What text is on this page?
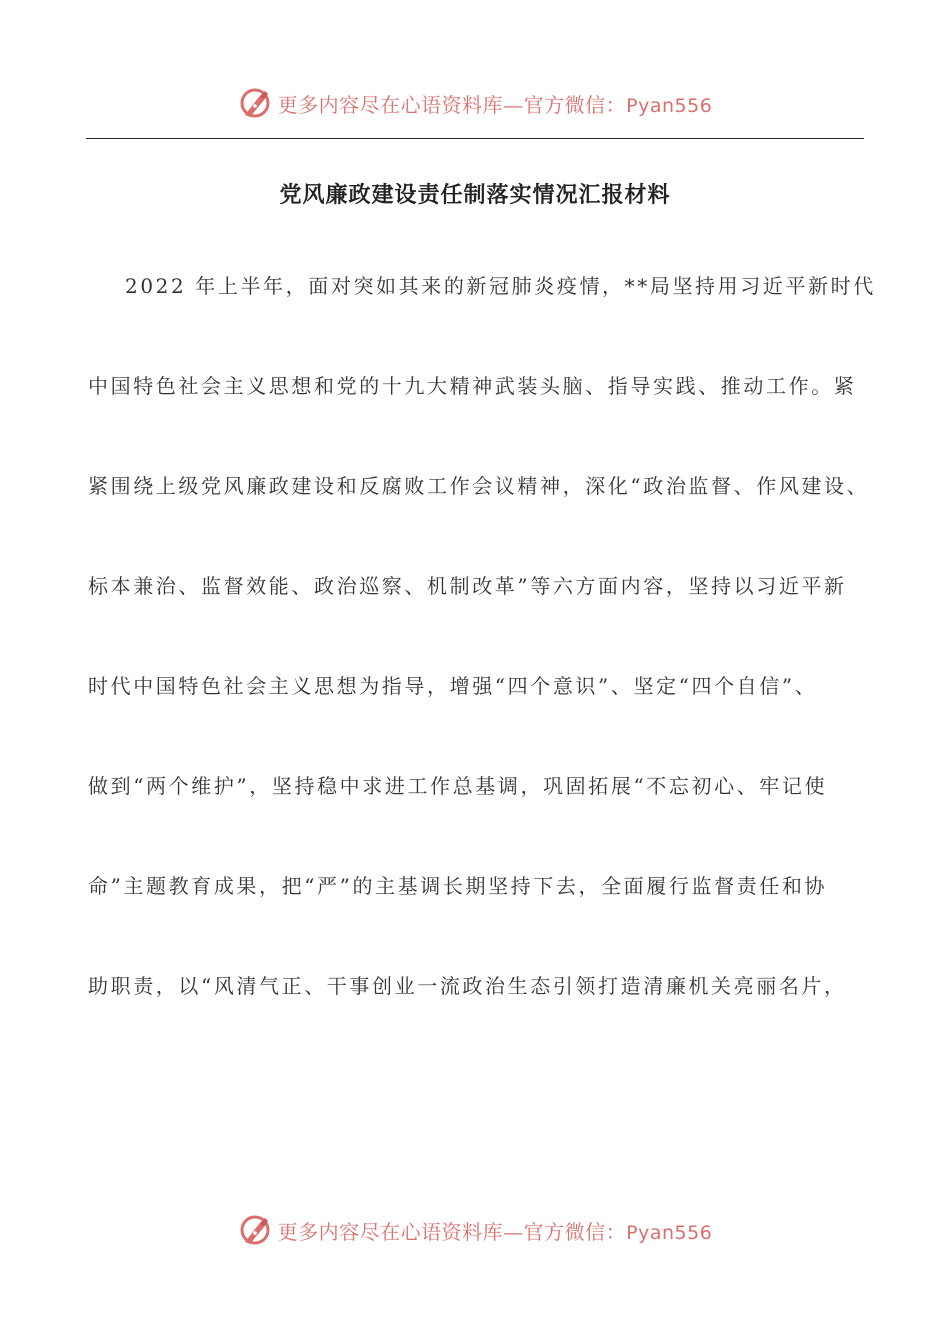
更多内容尽在心语资料库—官方微信：Pyan556
党风廉政建设责任制落实情况汇报材料
2022 年上半年，面对突如其来的新冠肺炎疫情，**局坚持用习近平新时代
中国特色社会主义思想和党的十九大精神武装头脑、指导实践、推动工作。紧
紧围绕上级党风廉政建设和反腐败工作会议精神，深化“政治监督、作风建设、
标本兼治、监督效能、政治巡察、机制改革”等六方面内容，坚持以习近平新
时代中国特色社会主义思想为指导，增强“四个意识”、坚定“四个自信”、
做到“两个维护”，坚持稳中求进工作总基调，巩固拓展“不忘初心、牢记使
命”主题教育成果，把“严”的主基调长期坚持下去，全面履行监督责任和协
助职责，以“风清气正、干事创业一流政治生态引领打造清廉机关亮丽名片，
更多内容尽在心语资料库—官方微信：Pyan556
